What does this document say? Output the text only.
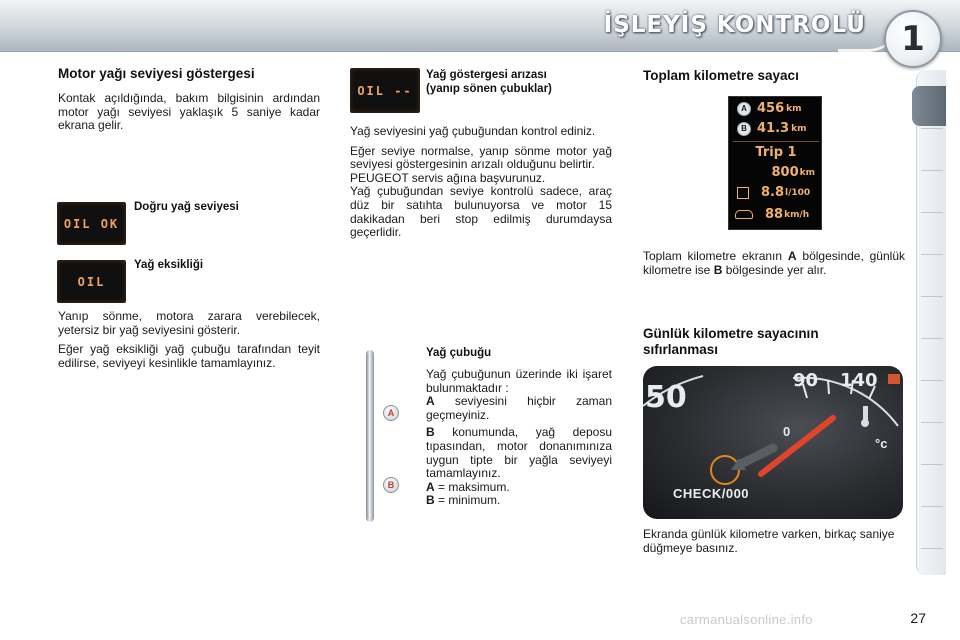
İŞLEYİŞ KONTROLÜ	1
Motor yağı seviyesi göstergesi

Kontak açıldığında, bakım bilgisinin ardından motor yağı seviyesi yaklaşık 5 saniye kadar ekrana gelir.

OIL OK
Doğru yağ seviyesi
OIL
Yağ eksikliği

Yanıp sönme, motora zarara verebilecek, yetersiz bir yağ seviyesini gösterir.

Eğer yağ eksikliği yağ çubuğu tarafından teyit edilirse, seviyeyi kesinlikle tamamlayınız.

OIL --
Yağ göstergesi arızası
(yanıp sönen çubuklar)

Yağ seviyesini yağ çubuğundan kontrol ediniz.

Eğer seviye normalse, yanıp sönme motor yağ seviyesi göstergesinin arızalı olduğunu belirtir.

PEUGEOT servis ağına başvurunuz.

Yağ çubuğundan seviye kontrolü sadece, araç düz bir satıhta bulunuyorsa ve motor 15 dakikadan beri stop edilmiş durumdaysa geçerlidir.

A
B
Yağ çubuğu

Yağ çubuğunun üzerinde iki işaret bulunmaktadır :

A seviyesini hiçbir zaman geçmeyiniz.

B konumunda, yağ deposu tıpasından, motor donanımınıza uygun tipte bir yağla seviyeyi tamamlayınız.

A = maksimum.

B = minimum.

Toplam kilometre sayacı
A 456 km
B 41.3 km
Trip 1
800 km
8.8 l/100
88 km/h

Toplam kilometre ekranın A bölgesinde, günlük kilometre ise B bölgesinde yer alır.

Günlük kilometre sayacının
sıfırlanması
50	90 140
0
°c
CHECK/000

Ekranda günlük kilometre varken, birkaç saniye düğmeye basınız.

carmanualsonline.info	27
